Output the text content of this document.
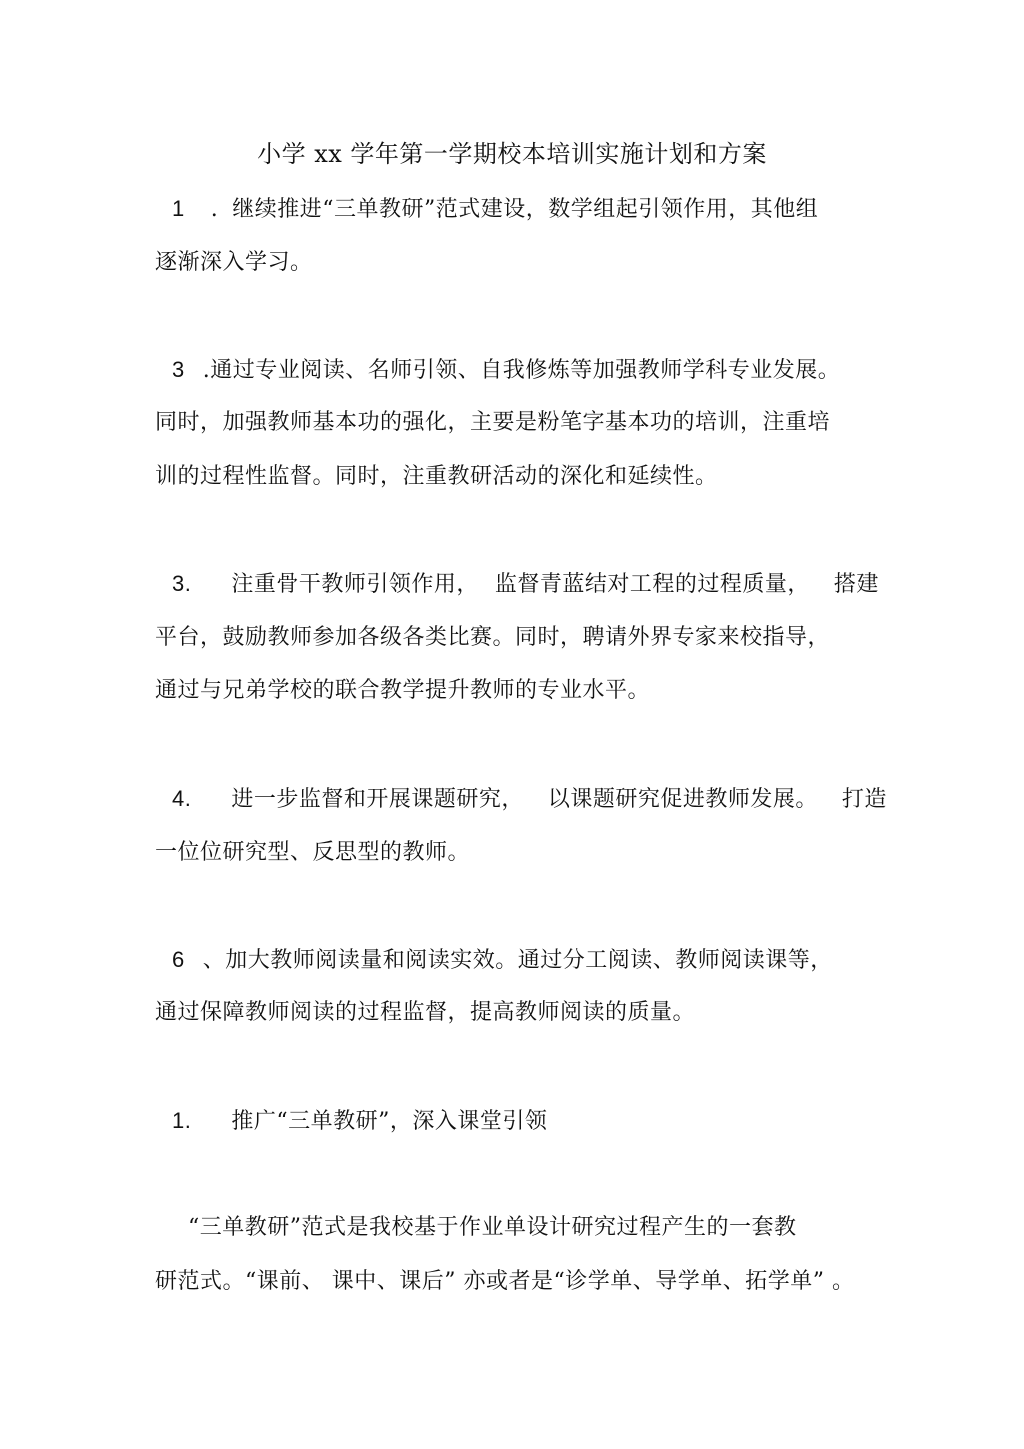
小学 xx 学年第一学期校本培训实施计划和方案
1 . 继续推进“三单教研”范式建设，数学组起引领作用，其他组
逐渐深入学习。
3 .通过专业阅读、名师引领、自我修炼等加强教师学科专业发展。
同时，加强教师基本功的强化，主要是粉笔字基本功的培训，注重培
训的过程性监督。同时，注重教研活动的深化和延续性。
3. 注重骨干教师引领作用， 监督青蓝结对工程的过程质量， 搭建
平台，鼓励教师参加各级各类比赛。同时，聘请外界专家来校指导，
通过与兄弟学校的联合教学提升教师的专业水平。
4. 进一步监督和开展课题研究， 以课题研究促进教师发展。 打造
一位位研究型、反思型的教师。
6 、加大教师阅读量和阅读实效。通过分工阅读、教师阅读课等，
通过保障教师阅读的过程监督，提高教师阅读的质量。
1. 推广“三单教研”，深入课堂引领
“三单教研”范式是我校基于作业单设计研究过程产生的一套教
研范式。“课前、 课中、课后” 亦或者是“诊学单、导学单、拓学单” 。
